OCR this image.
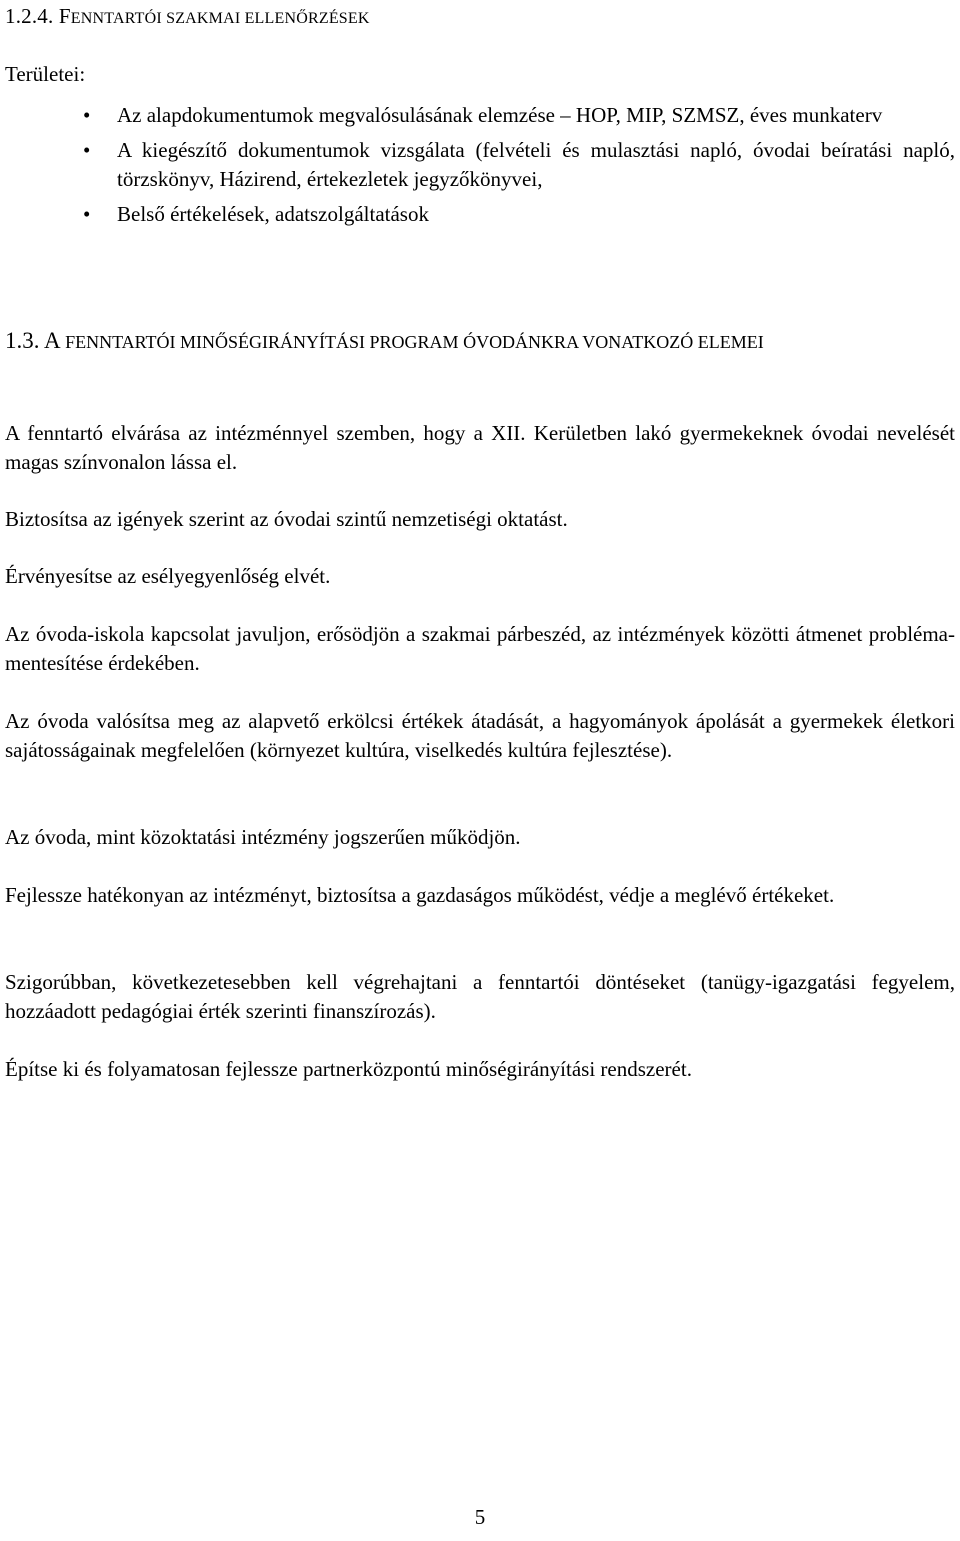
1.2.4. FENNTARTÓI SZAKMAI ELLENŐRZÉSEK
Területei:
• Az alapdokumentumok megvalósulásának elemzése – HOP, MIP, SZMSZ, éves munkaterv
• A kiegészítő dokumentumok vizsgálata (felvételi és mulasztási napló, óvodai beíratási napló, törzskönyv, Házirend, értekezletek jegyzőkönyvei,
• Belső értékelések, adatszolgáltatások
1.3. A FENNTARTÓI MINŐSÉGIRÁNYÍTÁSI PROGRAM ÓVODÁNKRA VONATKOZÓ ELEMEI
A fenntartó elvárása az intézménnyel szemben, hogy a XII. Kerületben lakó gyermekeknek óvodai nevelését magas színvonalon lássa el.
Biztosítsa az igények szerint az óvodai szintű nemzetiségi oktatást.
Érvényesítse az esélyegyenlőség elvét.
Az óvoda-iskola kapcsolat javuljon, erősödjön a szakmai párbeszéd, az intézmények közötti átmenet probléma-mentesítése érdekében.
Az óvoda valósítsa meg az alapvető erkölcsi értékek átadását, a hagyományok ápolását a gyermekek életkori sajátosságainak megfelelően (környezet kultúra, viselkedés kultúra fejlesztése).
Az óvoda, mint közoktatási intézmény jogszerűen működjön.
Fejlessze hatékonyan az intézményt, biztosítsa a gazdaságos működést, védje a meglévő értékeket.
Szigorúbban, következetesebben kell végrehajtani a fenntartói döntéseket (tanügy-igazgatási fegyelem, hozzáadott pedagógiai érték szerinti finanszírozás).
Építse ki és folyamatosan fejlessze partnerközpontú minőségirányítási rendszerét.
5
